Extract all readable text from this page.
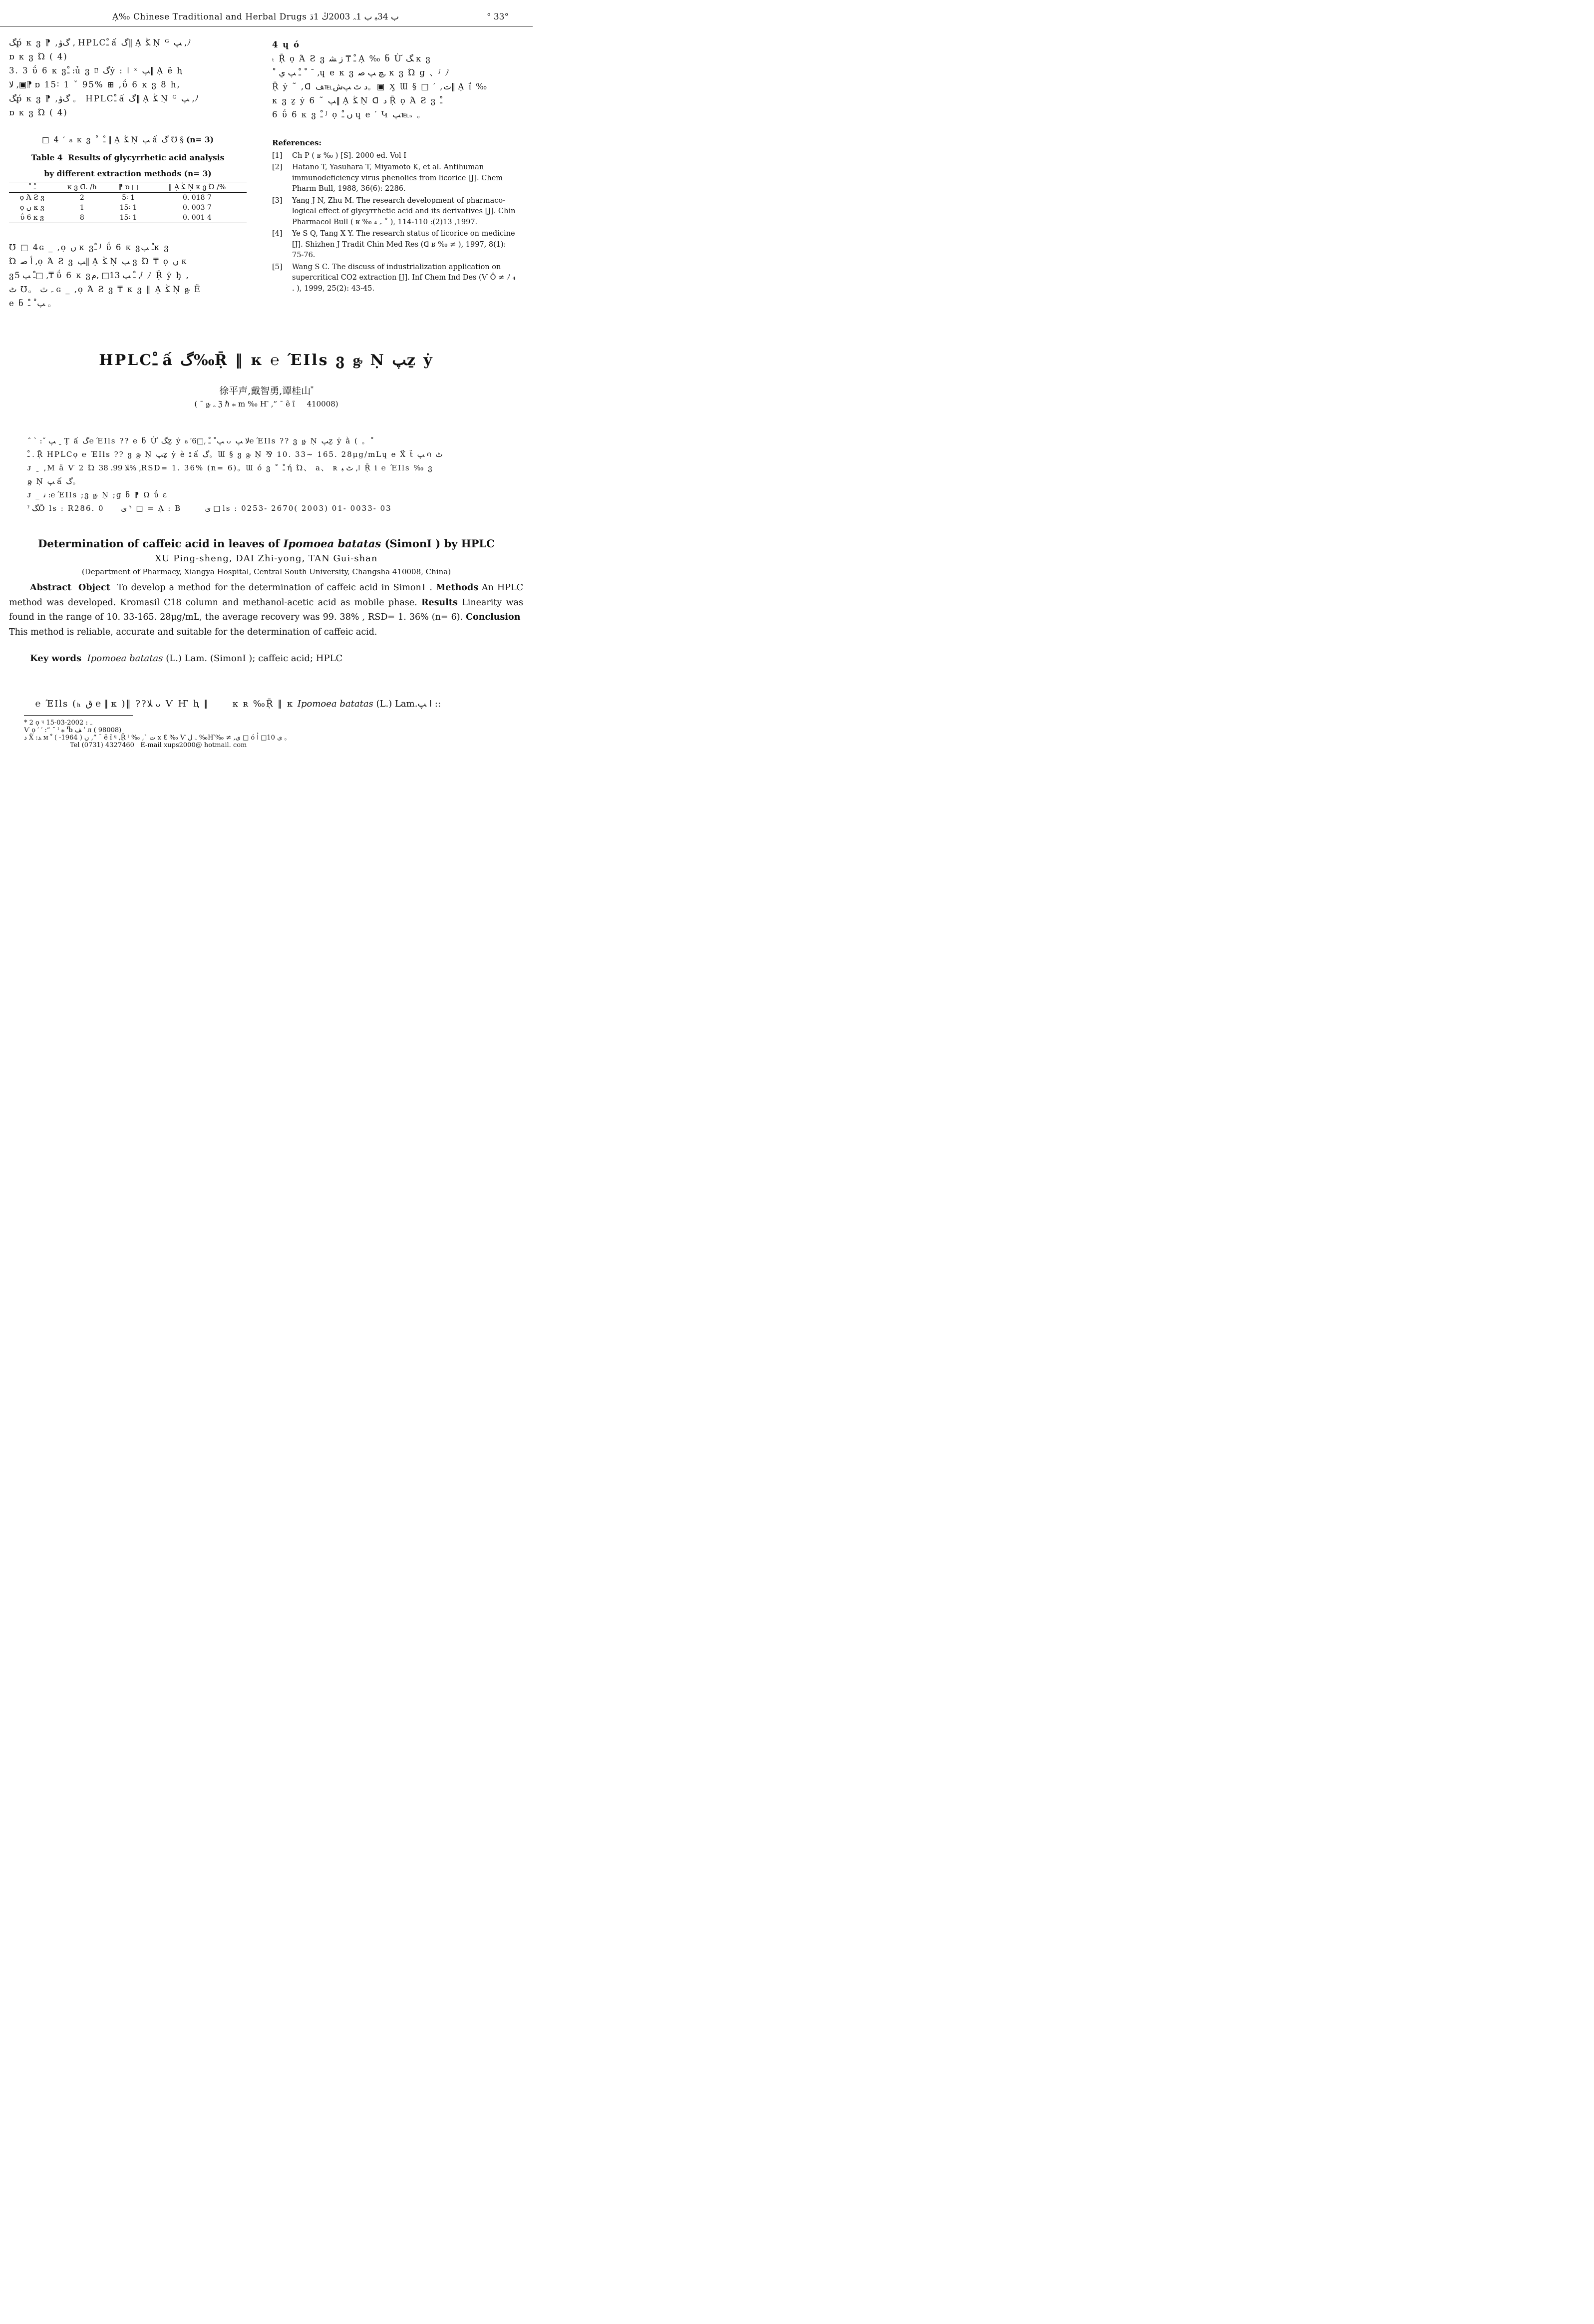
Ạ‰ Chinese Traditional and Herbal Drugs ﺏ 34ﺒ ﺏ 1ﮧ 2003ﯓ 1ﮄ	° 33°

ﮓṕ κ ვ ⁋ ,ﮒﯞ , HPLCﹿ ấ ﮒ‖ Ạ ﯖ Ṇ ᴳ ﭗ ,ﾉ

ɒ κ ვ Ώ ( 4)

3. 3 ΰ 6 κ ვﹿ :ủ ვ ﾛ ﮒẏ : ǀ ˣ ﭗ‖ Ạ ë ⱨ

ﻻ ,▣⁋ ɒ 15∶ 1 ˇ 95% ⊞ ,ΰ 6 κ ვ 8 h,

ﮓṕ κ ვ ⁋ ,ﮒﯞ 。 HPLCﹿ ấ ﮒ‖ Ạ ﯖ Ṇ ᴳ ﭗ ,ﾉ

ɒ κ ვ Ώ ( 4)

□ 4 ′ ₈ κ ვ ˚ ﹿ ‖ Ạ ﯖ Ṇ ﭗ ấ ﮒ ℧ § (n= 3)
Table 4  Results of glycyrrhetic acid analysis
by different extraction methods (n= 3)
˚ ﹿ	κ ვ ᗡ. /h	⁋ ɒ □	‖ Ạ ﯖ Ṇ κ ვ Ώ /%
ọ Ά Ƨ ვ	2	5∶ 1	0. 018 7
ọ ﮞ κ ვ	1	15∶ 1	0. 003 7
ΰ 6 κ ვ	8	15∶ 1	0. 001 4

℧ □ 4ɢ _ ,ọ ﮞ κ ვﹿ ᴶ ΰ 6 κ ვﹿ ﭗκ ვ

Ώ ﺃ ﺻ ,ọ Ά Ƨ ვ ﭗ‖ Ạ ﯖ Ṇ ﭗ ვ Ώ ₸ ọ ﮞ κ

ვﹿ ﭗ 5□ ,₸ ΰ 6 κ ვﹿ ﭗ 13□ ,ﻡ ,ᶴ ﾉ Ṝ ẏ ḩ ,

ﮧ ﭢ 。℧ ﭦ ɢ _ ,ọ Ά Ƨ ვ ₸ κ ვ ‖ Ạ ﯖ Ṇ ᶃ Ẽ

e ნ ﭗ˚ ﹿ 。

4 ɥ ó

ₜ Ṝ ọ Ά Ƨ ვ ﹿ ₸ ﺯ ﺸ Ạ ‰ ნ Ừ ﮓ κ ვ

˚ ﹿ ﭗ ﻱ ˚ ¯ ,ɥ e κ ვ ﭻ ﭗ ﺻ, κ ვ Ώ ɡ 、ᶴ ﾉ

Ṝ ẏ ˜ ,ᗡ ﺩ ﭢ ﭗﺵ℡ﻒ。▣ Ӽ Ɯ § □ ′ ,ﺕ‖ Ạ ḯ ‰

κ ვ ẕ ẏ 6 ˜ ﭗ‖ Ạ ﯖ Ṇ ᗡ ﺩ Ṝ ọ Ά Ƨ ვ ﹿ

6 ΰ 6 κ ვ ﹿ ᴶ ọ ﮞ ﹿ ɥ e ′ Կ ﭗ℡ₛ 。

References:
[1] Ch P ( ʁ ‰ ) [S]. 2000 ed. Vol Ⅰ
[2] Hatano T, Yasuhara T, Miyamoto K, et al. Antihuman immunodeficiency virus phenolics from licorice [J]. Chem Pharm Bull, 1988, 36(6): 2286.
[3] Yang J N, Zhu M. The research development of pharmaco-logical effect of glycyrrhetic acid and its derivatives [J]. Chin Pharmacol Bull ( ʁ ‰ ﮧ ₄ ˚ ), 1997, 13(2): 110-114.
[4] Ye S Q, Tang X Y. The research status of licorice on medicine [J]. Shizhen J Tradit Chin Med Res (ᗡ ʁ ‰ ≠ ), 1997, 8(1): 75-76.
[5] Wang S C. The discuss of industrialization application on supercritical CO2 extraction [J]. Inf Chem Ind Des (Ѵ Ô ≠ ﾉ ₄ . ), 1999, 25(2): 43-45.
HPLCﹿ ấ ﮒ‰Ṝ ‖ κ ℮ ΈⅠⅼs ვ ᶃ Ṇ ﭗẕ ẏ
徐平声,戴智勇,谭桂山*
( ¯ ᶃ ﮧ ℨ ℏ ⁎ m ‰ Ҥ ,” ¯ ẽ ĩ     410008)

ˆ ˋ :ˇ ﭗ ˍ Ṭ ấ ﮒ℮ ΈⅠⅼs ?? e ნ Ừ ﮓẕ ẏ ﭗ˚ ﹿ ,□6′ ₈ ᴗ ﻻ ﭗ℮ ΈⅠⅼs ?? ვ ᶃ Ṇ ﭗẕ ẏ ằ ( 。˚

ﹿ . Ṝ HPLCọ ℮ ΈⅠⅼs ?? ვ ᶃ Ṇ ﭗẕ ẏ è ﭥ ấ ﮒ。Ɯ § ვ ᶃ Ṇ ⅋ 10. 33~ 165. 28μg/mLɥ e Ẍ ẗ ﭗ ባ ﭦ

ᴊ ˍ ,M ä Ѵ 2 Ώ ﻼ 99. 38% ,RSD= 1. 36% (n= 6)。Ɯ ó ვ ˚ ﹿ ή Ώ、 a、 ʀ ﭦ ﺒ ,ǀ Ṝ i ℮ ΈⅠⅼs ‰ ვ

ᶃ Ṇ ﭗ ấ ﮒ。

ᴊ _ ﺗ :℮ ΈⅠⅼs ;ვ ᶃ Ṇ ;ɡ ნ ⁋ Ω ΰ ɛ

ˀ ﮓÕ ⅼs : R286. 0     ﯼ ᔉ □ = Ạ : B       ﯼ □ ⅼs : 0253- 2670( 2003) 01- 0033- 03

Determination of caffeic acid in leaves of Ipomoea batatas (SimonⅠ ) by HPLC
XU Ping-sheng, DAI Zhi-yong, TAN Gui-shan
(Department of Pharmacy, Xiangya Hospital, Central South University, Changsha 410008, China)

Abstract Object To develop a method for the determination of caffeic acid in SimonⅠ . Methods An HPLC method was developed. Kromasil C18 column and methanol-acetic acid as mobile phase. Results Linearity was found in the range of 10. 33-165. 28μg/mL, the average recovery was 99. 38% , RSD= 1. 36% (n= 6). Conclusion  This method is reliable, accurate and suitable for the determination of caffeic acid.

Key words Ipomoea batatas (L.) Lam. (SimonⅠ ); caffeic acid; HPLC

℮ ΈⅠⅼs (ₕ ﻕ ℮ ‖ κ )‖ ??ﻼ ᴗ Ѵ Ҥ ⱨ ‖      κ ʀ ‰Ṝ ‖ κ Ipomoea batatas (L.) Lam.ﭗ ǀ ::

* 2 ọ ᶣ ﮧ : 2002-03-15

Ѵ ọ ′ ′ :” ¯ ᴵ ⁎ Ⴊ ﻒ ˈ л ( 98008)

ﺩ Ẍ :ﺪ ᴍ ﮞ ( 1964- ) ﹾ ,” ¯ ẽ ĩ ᶣ ,Ṝ ˡ ‰ ,ˋ ﺕ x ℇ ‰ Ѵ ﮧ ﻝ ‰Ҥ‰ ≠ ,ﯼ □ ó ﯼ 10□ ﺃ 。

Tel (0731) 4327460   E-mail xups2000@ hotmail. com
